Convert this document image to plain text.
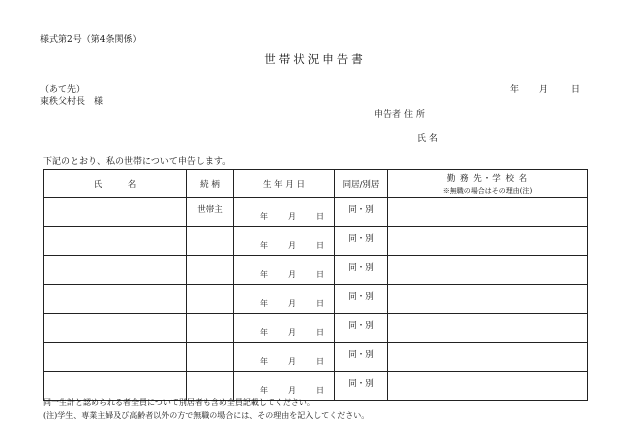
様式第2号（第4条関係）
世帯状況申告書
（あて先）
東秩父村長　様
年 月	日
申告者 住 所
氏 名
下記のとおり、私の世帯について申告します。
氏　　　名	続 柄	生 年 月 日	同居/別居	勤 務 先・学 校 名
※無職の場合はその理由(注)

	世帯主	年 月 日	同・別	

		年 月 日	同・別	

		年 月 日	同・別	

		年 月 日	同・別	

		年 月 日	同・別	

		年 月 日	同・別	

		年 月 日	同・別	

同一生計と認められる者全員について別居者も含め全員記載してください。
(注)学生、専業主婦及び高齢者以外の方で無職の場合には、その理由を記入してください。
